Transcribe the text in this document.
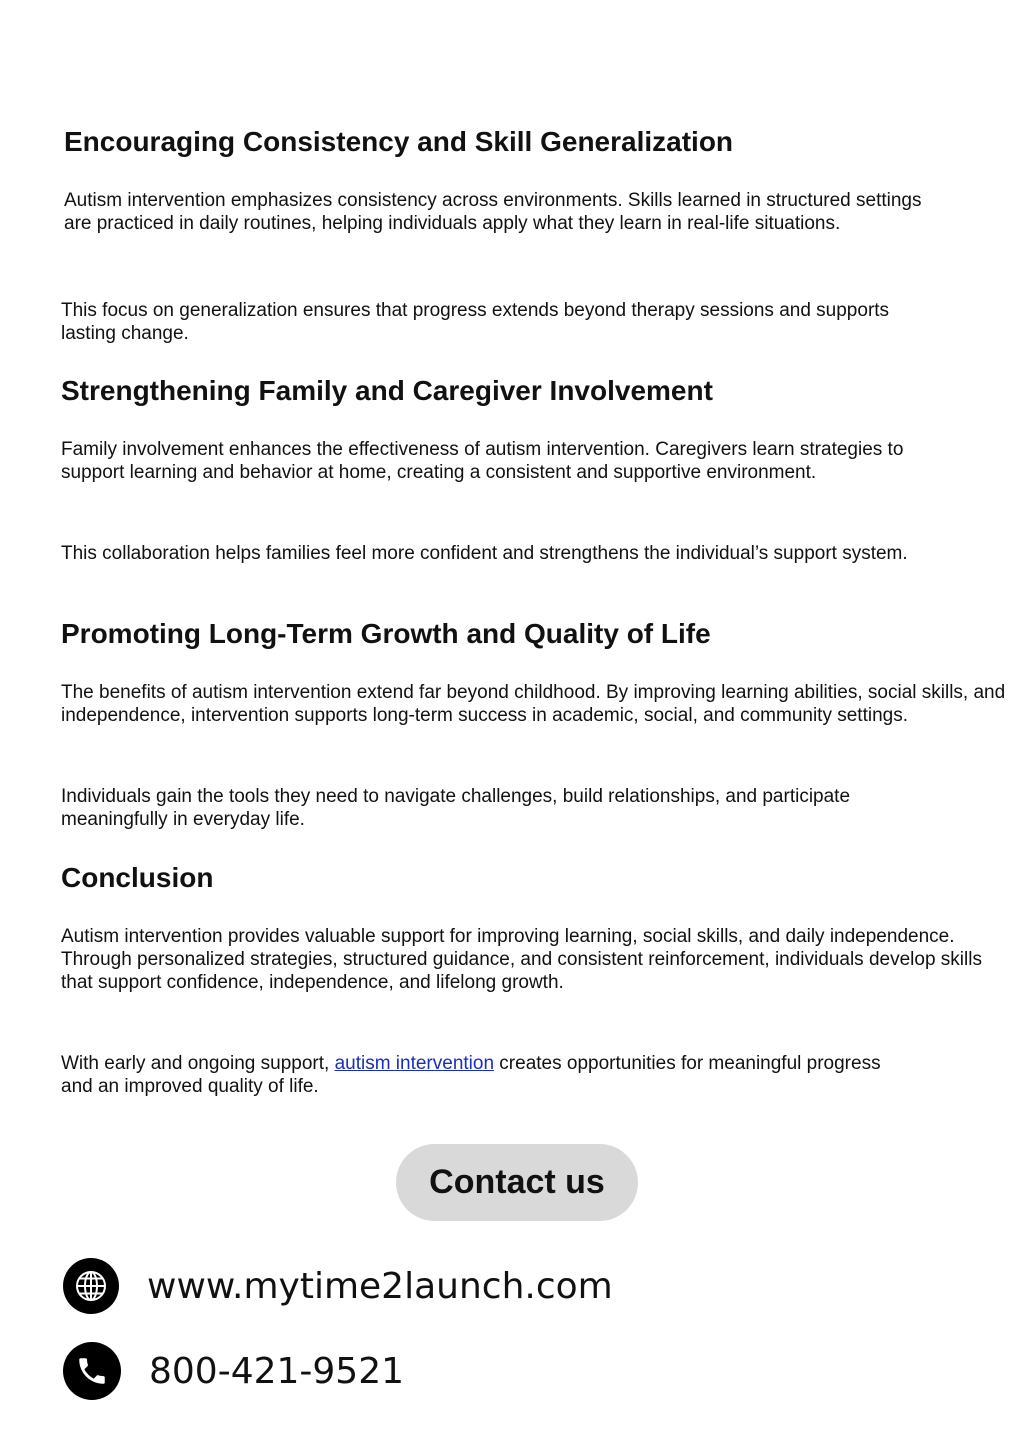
Encouraging Consistency and Skill Generalization

Autism intervention emphasizes consistency across environments. Skills learned in structured settings are practiced in daily routines, helping individuals apply what they learn in real-life situations.

This focus on generalization ensures that progress extends beyond therapy sessions and supports lasting change.

Strengthening Family and Caregiver Involvement

Family involvement enhances the effectiveness of autism intervention. Caregivers learn strategies to support learning and behavior at home, creating a consistent and supportive environment.

This collaboration helps families feel more confident and strengthens the individual’s support system.

Promoting Long-Term Growth and Quality of Life

The benefits of autism intervention extend far beyond childhood. By improving learning abilities, social skills, and independence, intervention supports long-term success in academic, social, and community settings.

Individuals gain the tools they need to navigate challenges, build relationships, and participate meaningfully in everyday life.

Conclusion

Autism intervention provides valuable support for improving learning, social skills, and daily independence. Through personalized strategies, structured guidance, and consistent reinforcement, individuals develop skills that support confidence, independence, and lifelong growth.

With early and ongoing support, autism intervention creates opportunities for meaningful progress and an improved quality of life.

Contact us
www.mytime2launch.com
800-421-9521
